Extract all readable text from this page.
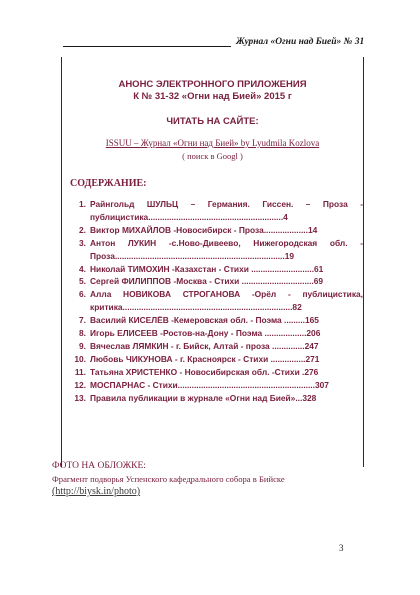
Журнал «Огни над Бией» № 31
АНОНС ЭЛЕКТРОННОГО ПРИЛОЖЕНИЯ
К № 31-32 «Огни над Бией» 2015 г
ЧИТАТЬ НА САЙТЕ:
ISSUU – Журнал «Огни над Бией» by Lyudmila Kozlova
( поиск в Googl )
СОДЕРЖАНИЕ:
1. Райнгольд ШУЛЬЦ – Германия. Гиссен. – Проза - публицистика..........................................................4
2. Виктор МИХАЙЛОВ -Новосибирск - Проза...................14
3. Антон ЛУКИН -с.Ново-Дивеево, Нижегородская обл. - Проза.........................................................................19
4. Николай ТИМОХИН -Казахстан - Стихи ...........................61
5. Сергей ФИЛИППОВ -Москва - Стихи ...............................69
6. Алла НОВИКОВА СТРОГАНОВА -Орёл - публицистика, критика.........................................................................82
7. Василий КИСЕЛЁВ -Кемеровская обл. - Поэма .........165
8. Игорь ЕЛИСЕЕВ -Ростов-на-Дону - Поэма ..................206
9. Вячеслав ЛЯМКИН - г. Бийск, Алтай - проза ..............247
10. Любовь ЧИКУНОВА - г. Красноярск - Стихи ...............271
11. Татьяна ХРИСТЕНКО - Новосибирская обл. -Стихи .276
12. МОСПАРНАС - Стихи...........................................................307
13. Правила публикации в журнале «Огни над Бией»...328
ФОТО НА ОБЛОЖКЕ:
Фрагмент подворья Успенского кафедрального собора в Бийске
(http://biysk.in/photo)
3
